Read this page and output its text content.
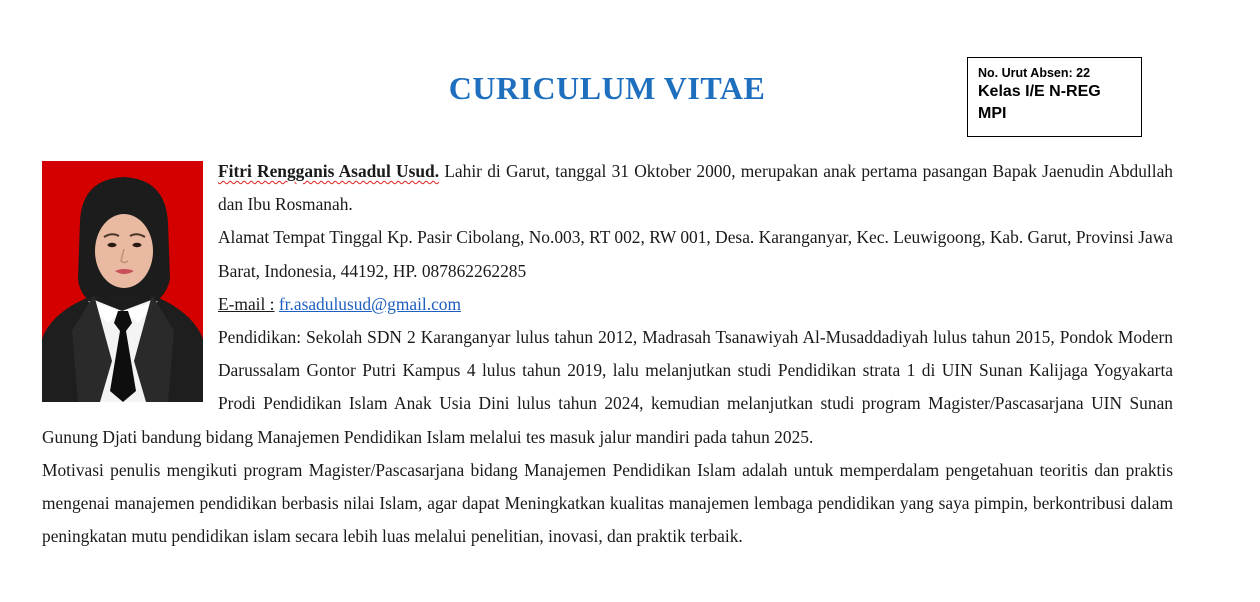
CURICULUM VITAE	No. Urut Absen: 22
Kelas I/E N-REG MPI

Fitri Rengganis Asadul Usud. Lahir di Garut, tanggal 31 Oktober 2000, merupakan anak pertama pasangan Bapak Jaenudin Abdullah dan Ibu Rosmanah.

Alamat Tempat Tinggal Kp. Pasir Cibolang, No.003, RT 002, RW 001, Desa. Karanganyar, Kec. Leuwigoong, Kab. Garut, Provinsi Jawa Barat, Indonesia, 44192, HP. 087862262285

E-mail : fr.asadulusud@gmail.com

Pendidikan: Sekolah SDN 2 Karanganyar lulus tahun 2012, Madrasah Tsanawiyah Al-Musaddadiyah lulus tahun 2015, Pondok Modern Darussalam Gontor Putri Kampus 4 lulus tahun 2019, lalu melanjutkan studi Pendidikan strata 1 di UIN Sunan Kalijaga Yogyakarta Prodi Pendidikan Islam Anak Usia Dini lulus tahun 2024, kemudian melanjutkan studi program Magister/Pascasarjana UIN Sunan Gunung Djati bandung bidang Manajemen Pendidikan Islam melalui tes masuk jalur mandiri pada tahun 2025.

Motivasi penulis mengikuti program Magister/Pascasarjana bidang Manajemen Pendidikan Islam adalah untuk memperdalam pengetahuan teoritis dan praktis mengenai manajemen pendidikan berbasis nilai Islam, agar dapat Meningkatkan kualitas manajemen lembaga pendidikan yang saya pimpin, berkontribusi dalam peningkatan mutu pendidikan islam secara lebih luas melalui penelitian, inovasi, dan praktik terbaik.
